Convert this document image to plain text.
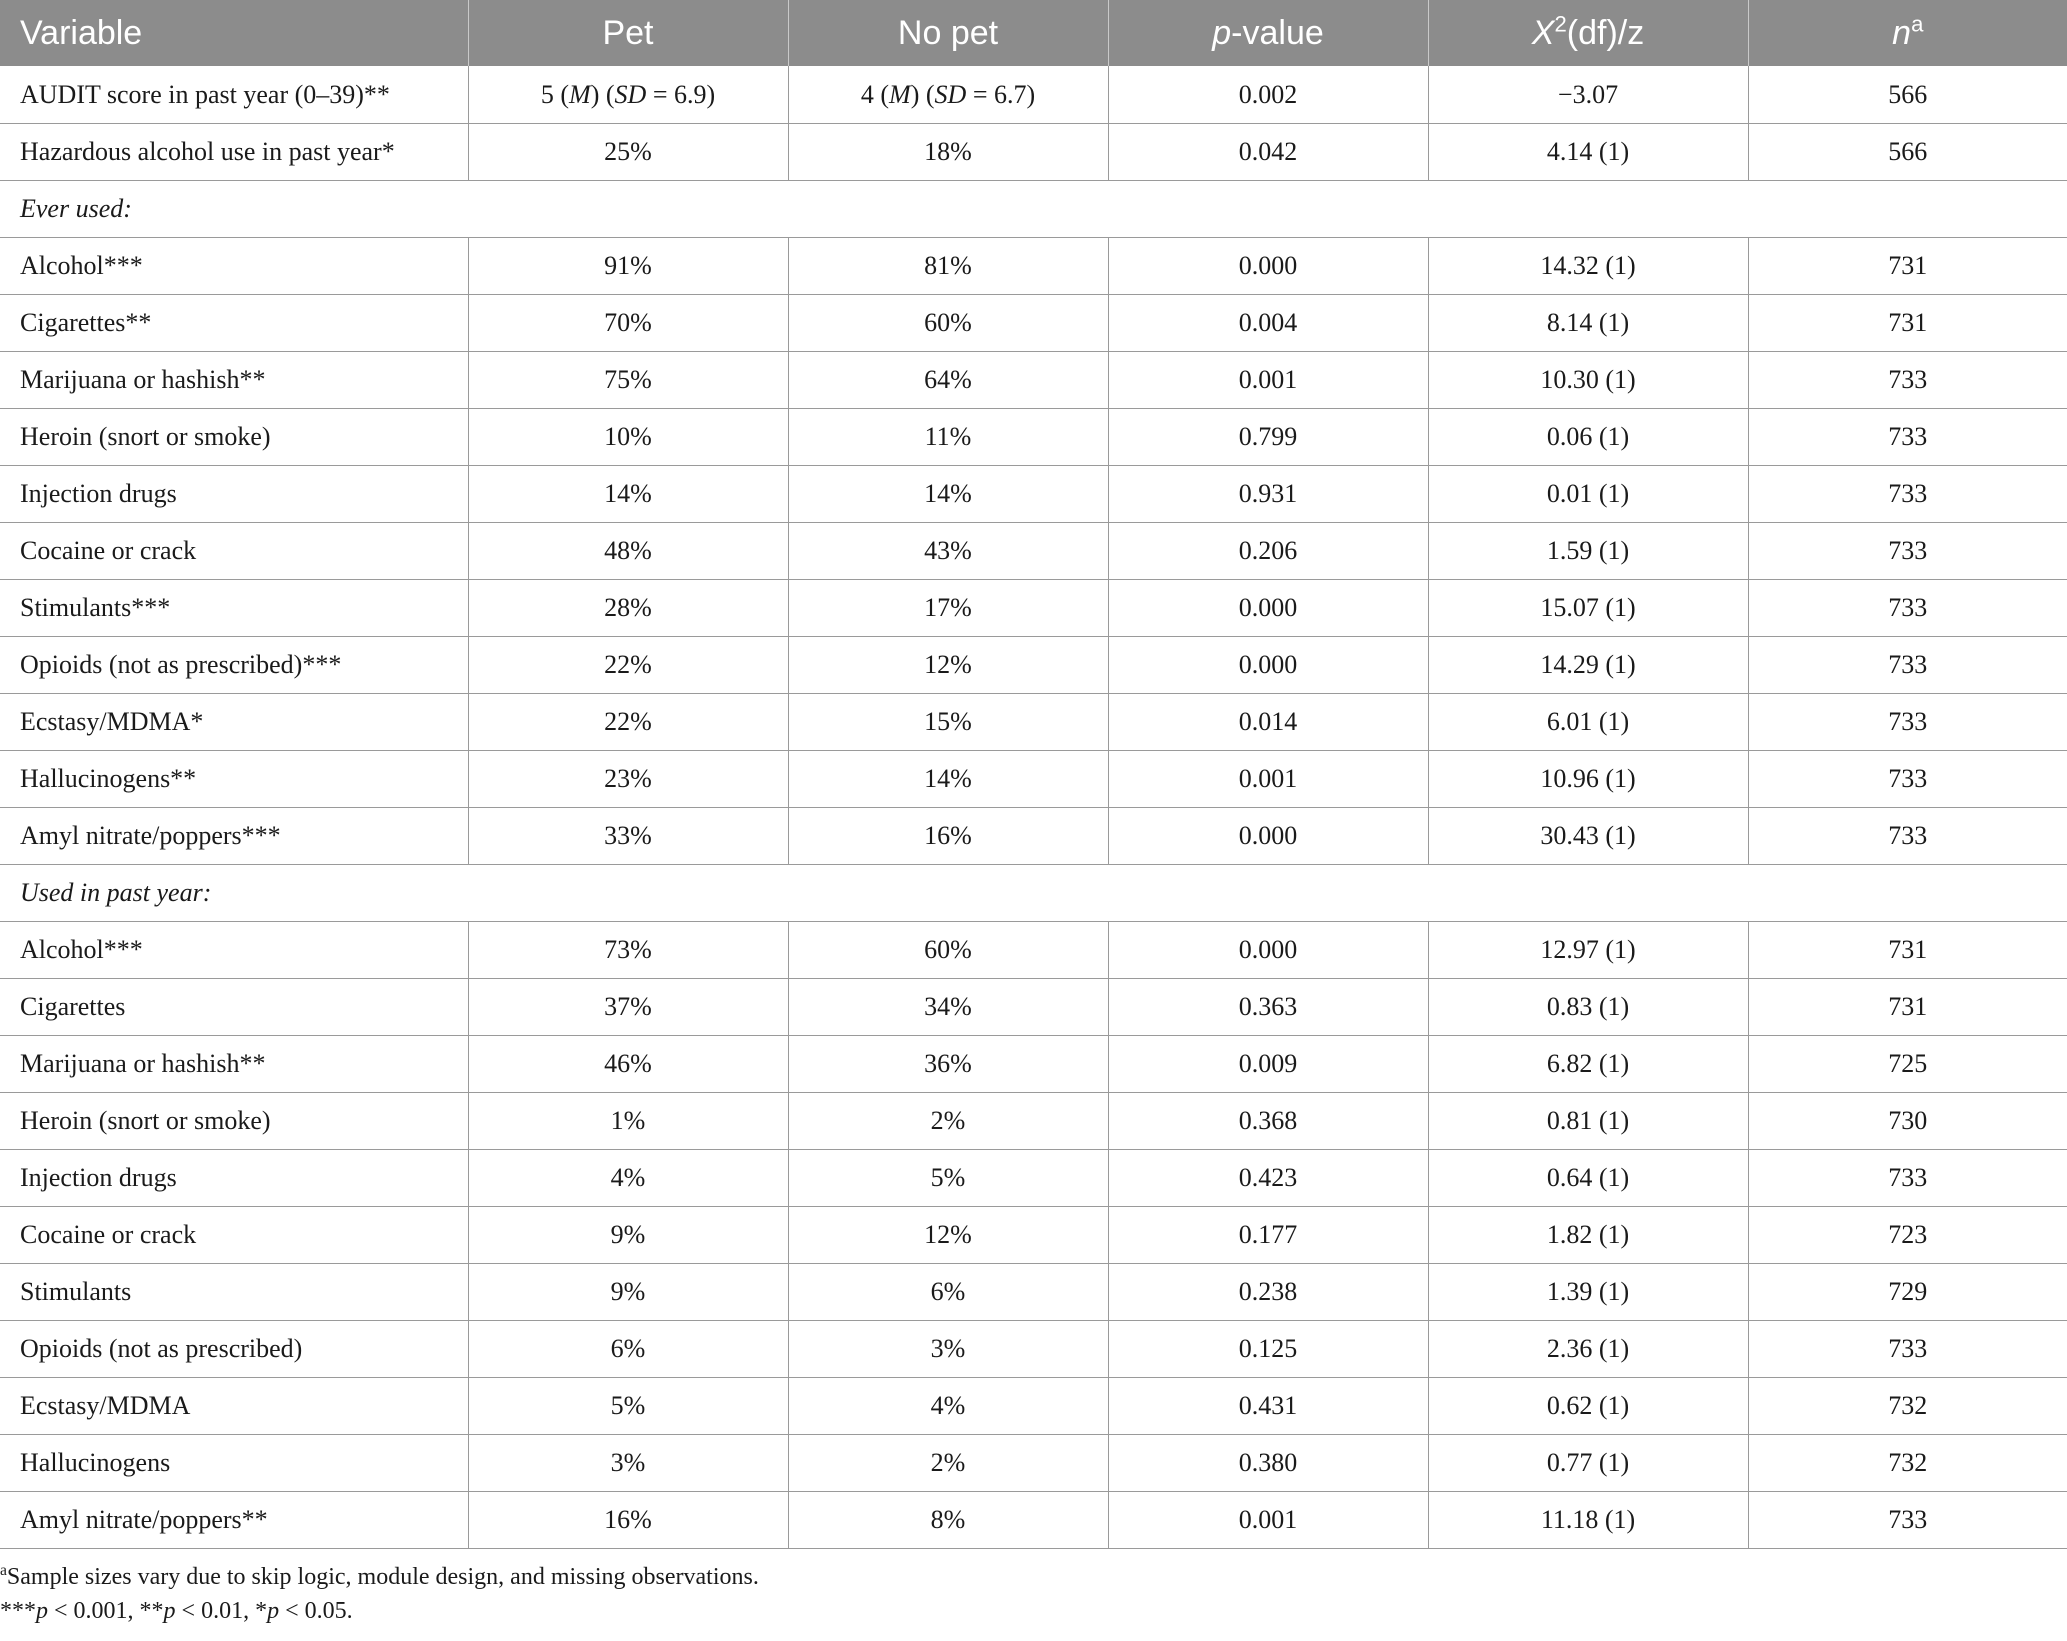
Variable	Pet	No pet	p-value	$X^2(df)/z$	$n^a$
AUDIT score in past year (0–39)**	5 (M) (SD = 6.9)	4 (M) (SD = 6.7)	0.002	−3.07	566
Hazardous alcohol use in past year*	25%	18%	0.042	4.14 (1)	566
Ever used:					
Alcohol***	91%	81%	0.000	14.32 (1)	731
Cigarettes**	70%	60%	0.004	8.14 (1)	731
Marijuana or hashish**	75%	64%	0.001	10.30 (1)	733
Heroin (snort or smoke)	10%	11%	0.799	0.06 (1)	733
Injection drugs	14%	14%	0.931	0.01 (1)	733
Cocaine or crack	48%	43%	0.206	1.59 (1)	733
Stimulants***	28%	17%	0.000	15.07 (1)	733
Opioids (not as prescribed)***	22%	12%	0.000	14.29 (1)	733
Ecstasy/MDMA*	22%	15%	0.014	6.01 (1)	733
Hallucinogens**	23%	14%	0.001	10.96 (1)	733
Amyl nitrate/poppers***	33%	16%	0.000	30.43 (1)	733
Used in past year:					
Alcohol***	73%	60%	0.000	12.97 (1)	731
Cigarettes	37%	34%	0.363	0.83 (1)	731
Marijuana or hashish**	46%	36%	0.009	6.82 (1)	725
Heroin (snort or smoke)	1%	2%	0.368	0.81 (1)	730
Injection drugs	4%	5%	0.423	0.64 (1)	733
Cocaine or crack	9%	12%	0.177	1.82 (1)	723
Stimulants	9%	6%	0.238	1.39 (1)	729
Opioids (not as prescribed)	6%	3%	0.125	2.36 (1)	733
Ecstasy/MDMA	5%	4%	0.431	0.62 (1)	732
Hallucinogens	3%	2%	0.380	0.77 (1)	732
Amyl nitrate/poppers**	16%	8%	0.001	11.18 (1)	733
$^a$Sample sizes vary due to skip logic, module design, and missing observations.
***p < 0.001, **p < 0.01, *p < 0.05.
